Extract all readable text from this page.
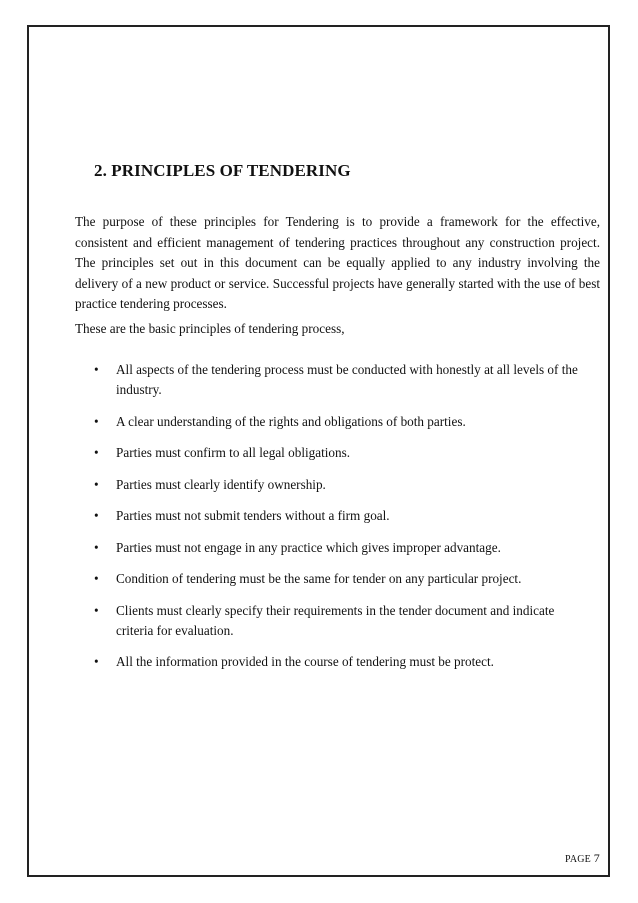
2. PRINCIPLES OF TENDERING

The purpose of these principles for Tendering is to provide a framework for the effective, consistent and efficient management of tendering practices throughout any construction project. The principles set out in this document can be equally applied to any industry involving the delivery of a new product or service. Successful projects have generally started with the use of best practice tendering processes.

These are the basic principles of tendering process,

• All aspects of the tendering process must be conducted with honestly at all levels of the industry.
• A clear understanding of the rights and obligations of both parties.
• Parties must confirm to all legal obligations.
• Parties must clearly identify ownership.
• Parties must not submit tenders without a firm goal.
• Parties must not engage in any practice which gives improper advantage.
• Condition of tendering must be the same for tender on any particular project.
• Clients must clearly specify their requirements in the tender document and indicate criteria for evaluation.
• All the information provided in the course of tendering must be protect.
PAGE 7
